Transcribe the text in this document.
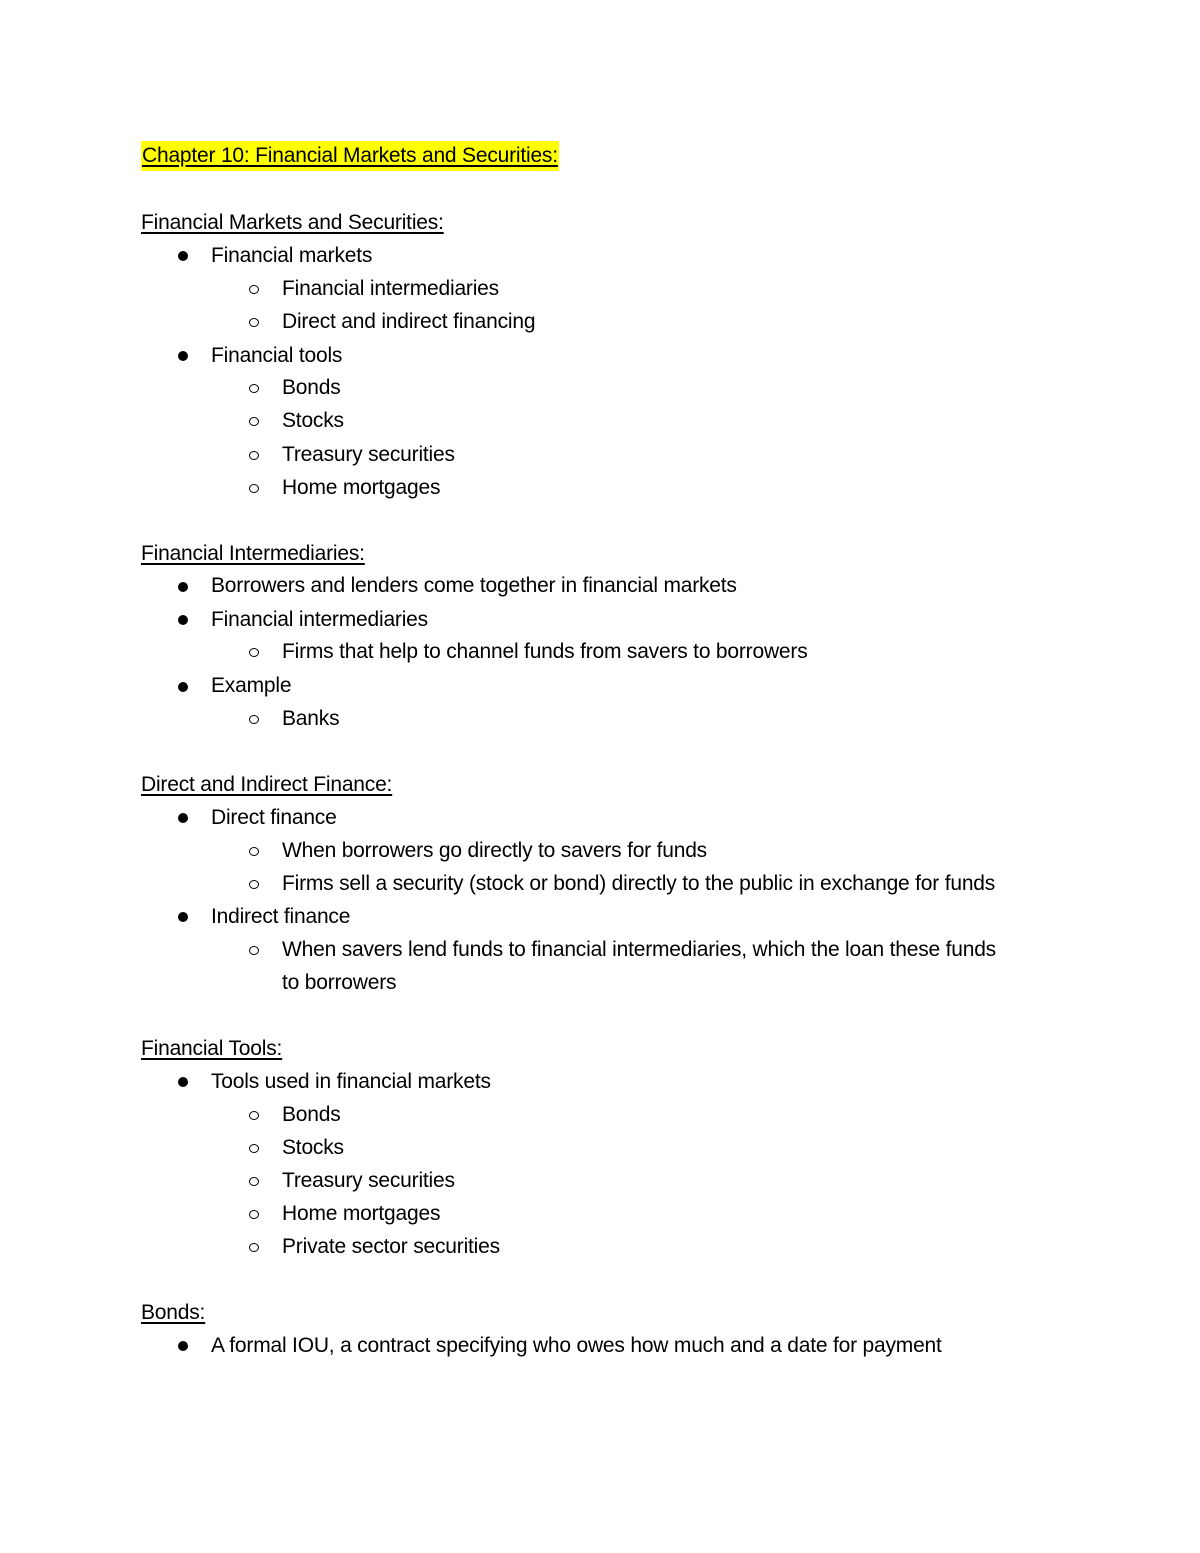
Chapter 10: Financial Markets and Securities:
Financial Markets and Securities:
Financial markets
Financial intermediaries
Direct and indirect financing
Financial tools
Bonds
Stocks
Treasury securities
Home mortgages
Financial Intermediaries:
Borrowers and lenders come together in financial markets
Financial intermediaries
Firms that help to channel funds from savers to borrowers
Example
Banks
Direct and Indirect Finance:
Direct finance
When borrowers go directly to savers for funds
Firms sell a security (stock or bond) directly to the public in exchange for funds
Indirect finance
When savers lend funds to financial intermediaries, which the loan these funds
to borrowers
Financial Tools:
Tools used in financial markets
Bonds
Stocks
Treasury securities
Home mortgages
Private sector securities
Bonds:
A formal IOU, a contract specifying who owes how much and a date for payment
